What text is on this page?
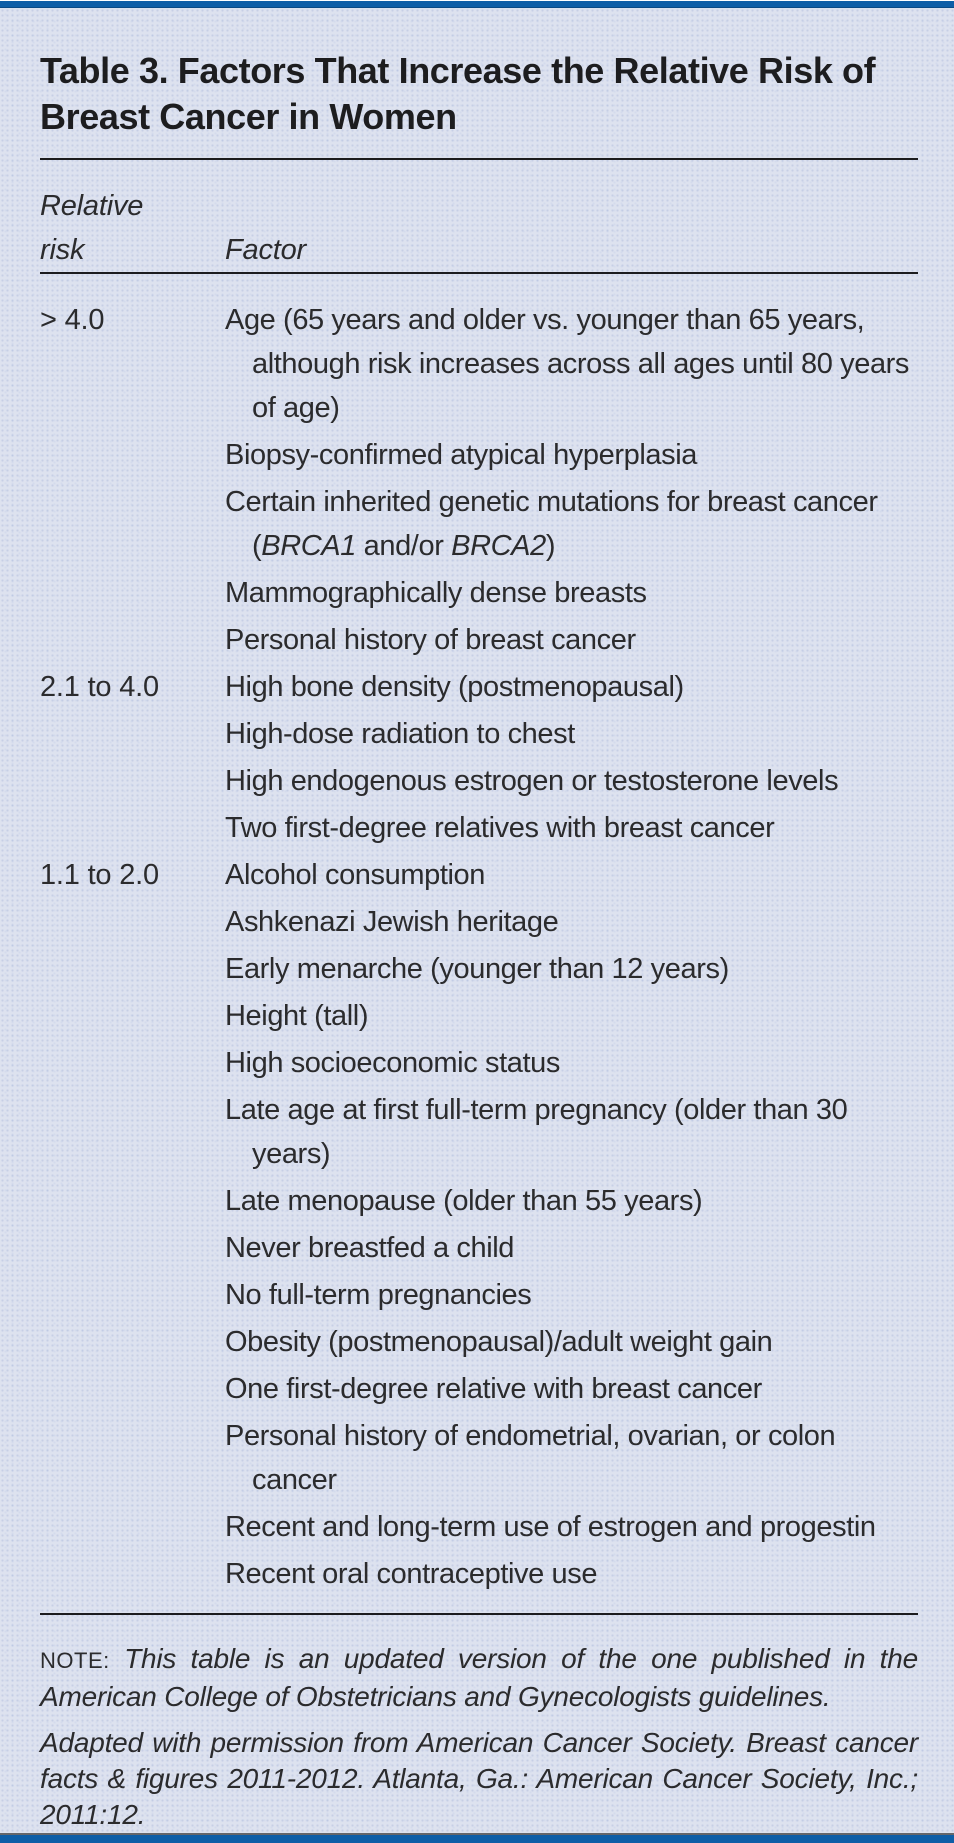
Table 3. Factors That Increase the Relative Risk of Breast Cancer in Women
Relative risk	Factor
> 4.0	Age (65 years and older vs. younger than 65 years, although risk increases across all ages until 80 years of age)
Biopsy-confirmed atypical hyperplasia
Certain inherited genetic mutations for breast cancer (BRCA1 and/or BRCA2)
Mammographically dense breasts
Personal history of breast cancer
2.1 to 4.0	High bone density (postmenopausal)
High-dose radiation to chest
High endogenous estrogen or testosterone levels
Two first-degree relatives with breast cancer
1.1 to 2.0	Alcohol consumption
Ashkenazi Jewish heritage
Early menarche (younger than 12 years)
Height (tall)
High socioeconomic status
Late age at first full-term pregnancy (older than 30 years)
Late menopause (older than 55 years)
Never breastfed a child
No full-term pregnancies
Obesity (postmenopausal)/adult weight gain
One first-degree relative with breast cancer
Personal history of endometrial, ovarian, or colon cancer
Recent and long-term use of estrogen and progestin
Recent oral contraceptive use
NOTE: This table is an updated version of the one published in the American College of Obstetricians and Gynecologists guidelines.

Adapted with permission from American Cancer Society. Breast cancer facts & figures 2011-2012. Atlanta, Ga.: American Cancer Society, Inc.; 2011:12.
